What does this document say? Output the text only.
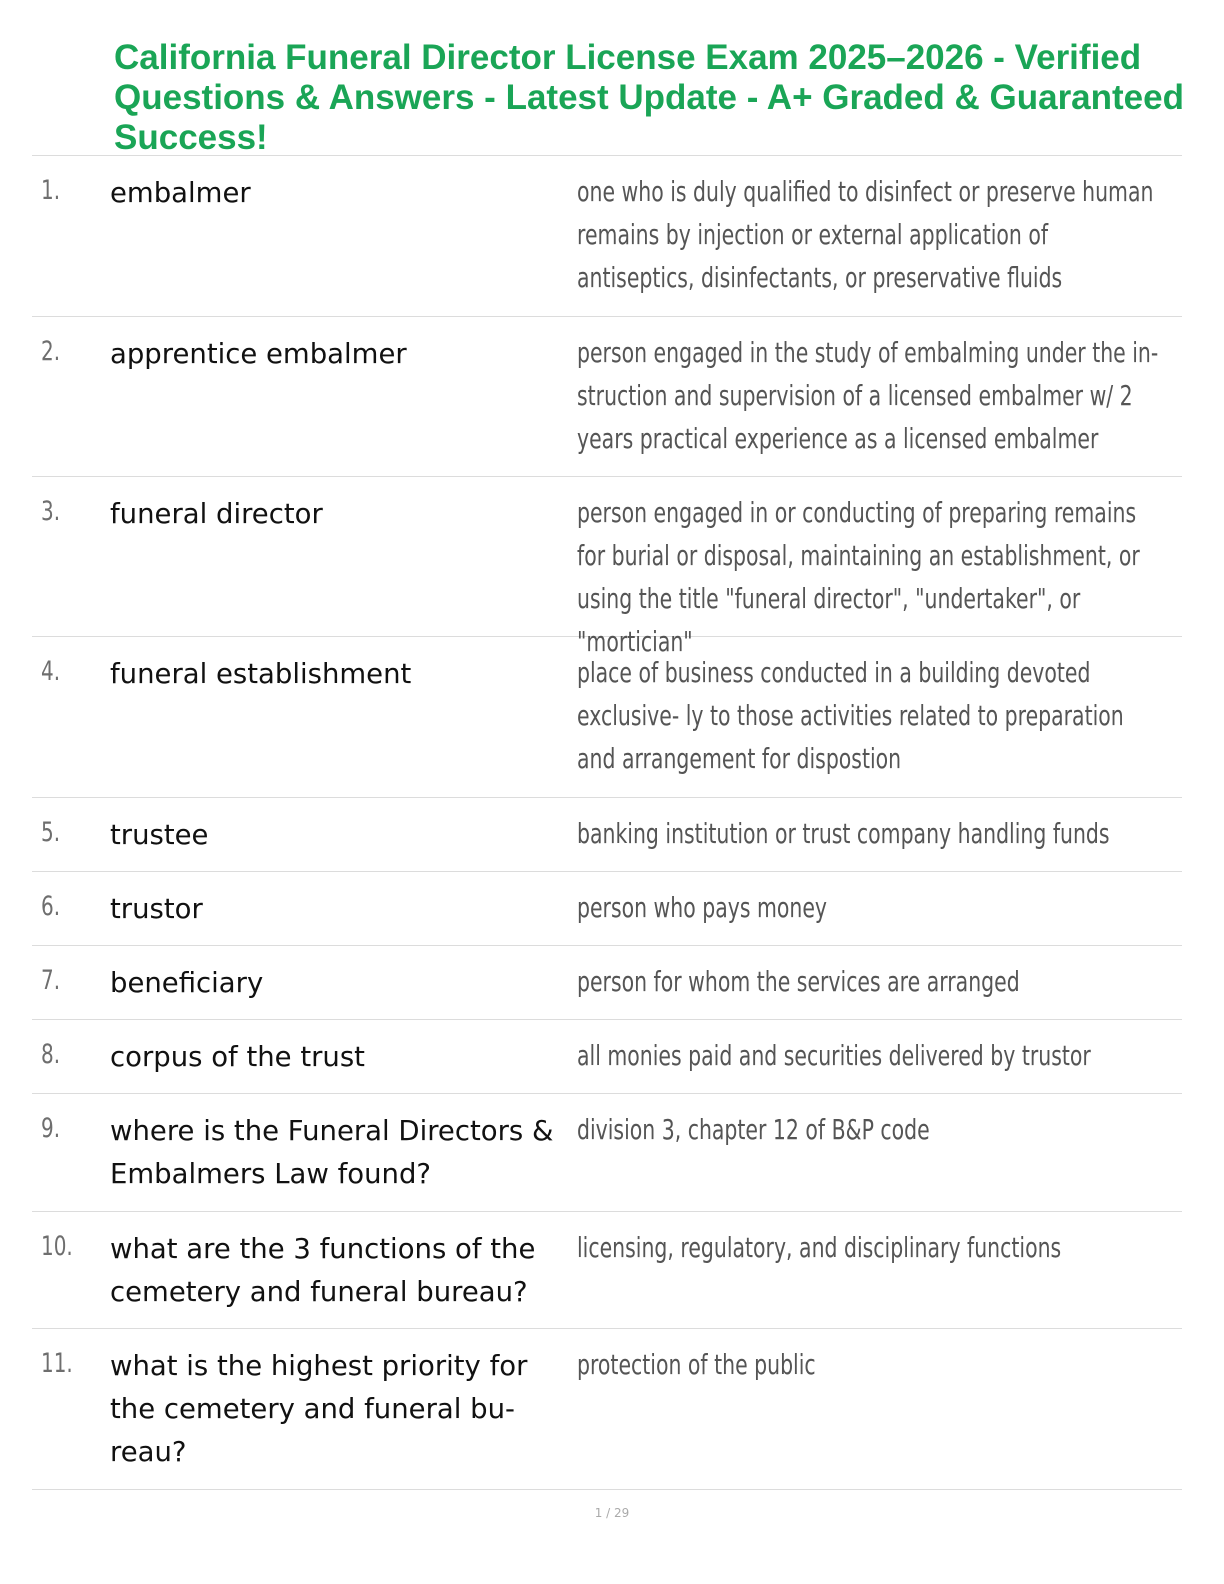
California Funeral Director License Exam 2025–2026 - Verified Questions & Answers - Latest Update - A+ Graded & Guaranteed Success!
1. embalmer	one who is duly qualified to disinfect or preserve human remains by injection or external application of antiseptics, disinfectants, or preservative fluids
2. apprentice embalmer	person engaged in the study of embalming under the in- struction and supervision of a licensed embalmer w/ 2 years practical experience as a licensed embalmer
3. funeral director	person engaged in or conducting of preparing remains for burial or disposal, maintaining an establishment, or using the title "funeral director", "undertaker", or "mortician"
4. funeral establishment	place of business conducted in a building devoted exclusive- ly to those activities related to preparation and arrangement for dispostion
5. trustee	banking institution or trust company handling funds
6. trustor	person who pays money
7. beneficiary	person for whom the services are arranged
8. corpus of the trust	all monies paid and securities delivered by trustor
9. where is the Funeral Directors & Embalmers Law found?
division 3, chapter 12 of B&P code
10. what are the 3 functions of the cemetery and funeral bureau?
licensing, regulatory, and disciplinary functions
11. what is the highest priority for the cemetery and funeral bu- reau?
protection of the public
1 / 29
